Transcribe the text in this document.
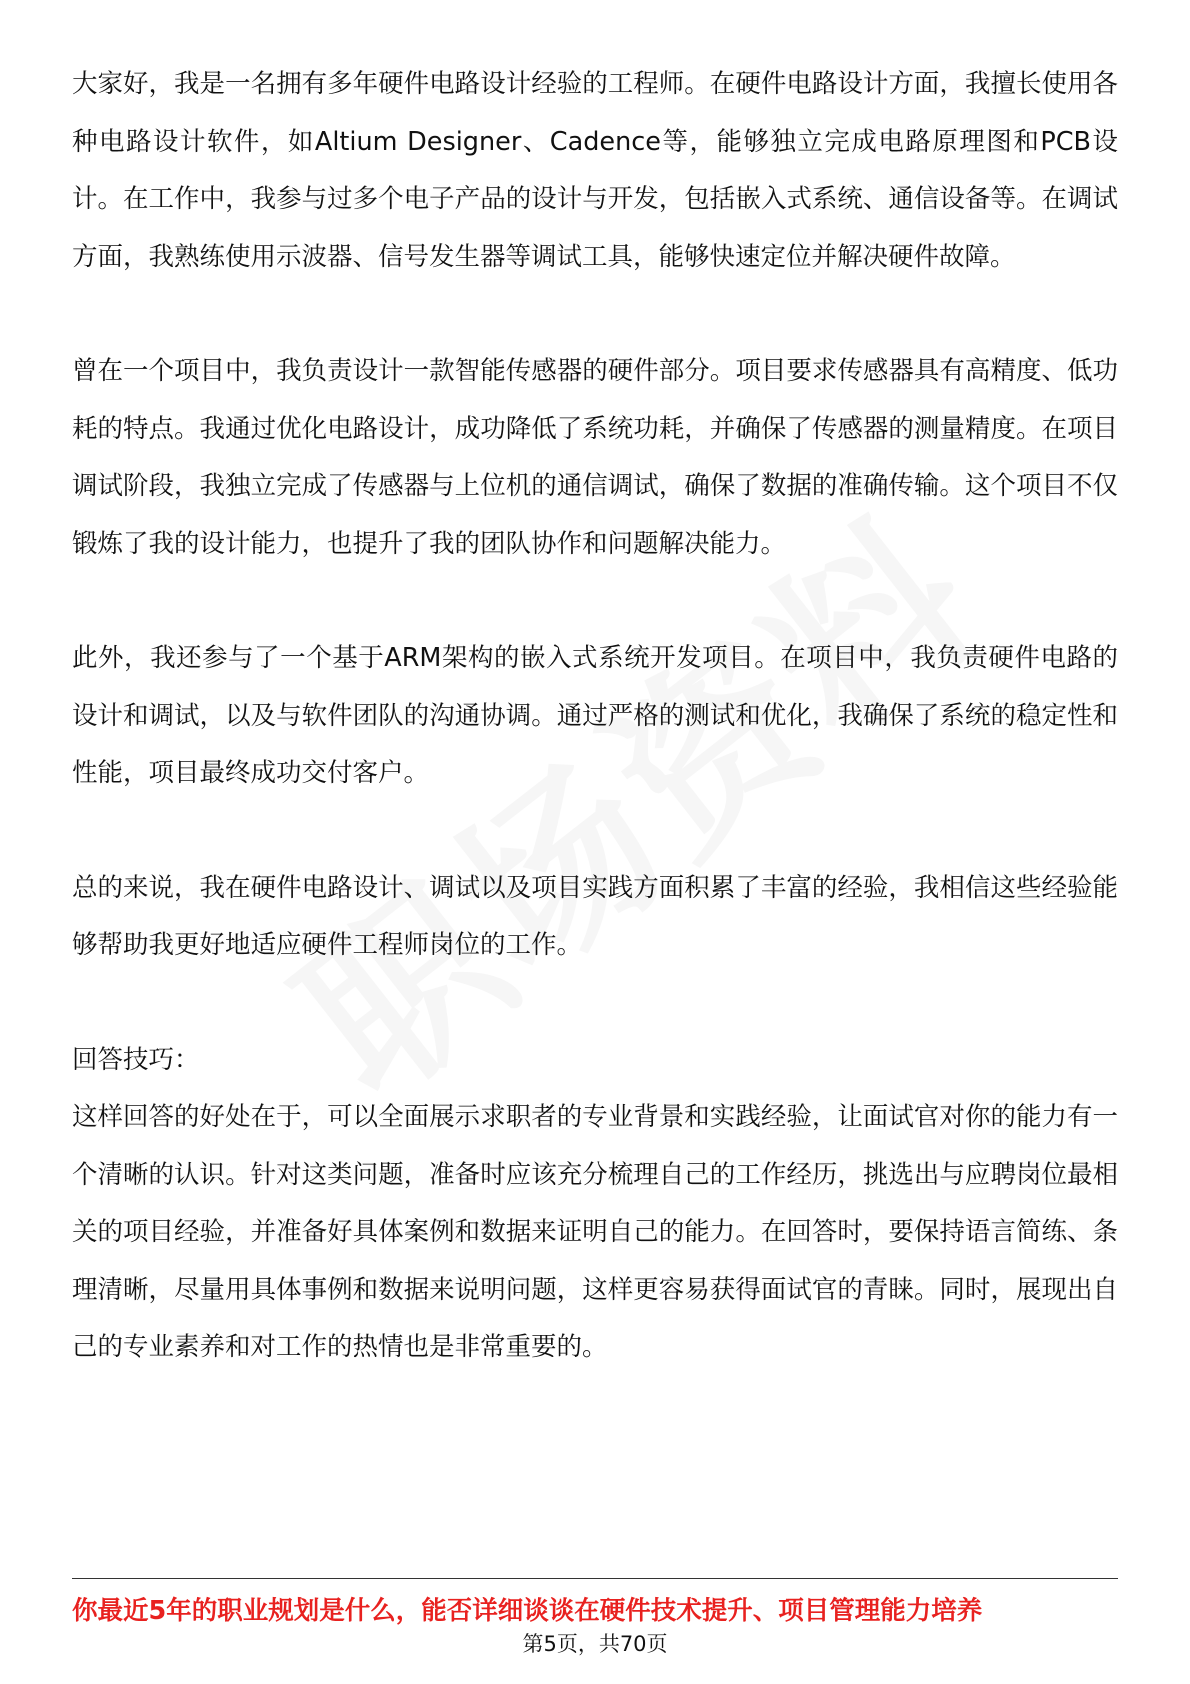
大家好，我是一名拥有多年硬件电路设计经验的工程师。在硬件电路设计方面，我擅长使用各种电路设计软件，如Altium Designer、Cadence等，能够独立完成电路原理图和PCB设计。在工作中，我参与过多个电子产品的设计与开发，包括嵌入式系统、通信设备等。在调试方面，我熟练使用示波器、信号发生器等调试工具，能够快速定位并解决硬件故障。

曾在一个项目中，我负责设计一款智能传感器的硬件部分。项目要求传感器具有高精度、低功耗的特点。我通过优化电路设计，成功降低了系统功耗，并确保了传感器的测量精度。在项目调试阶段，我独立完成了传感器与上位机的通信调试，确保了数据的准确传输。这个项目不仅锻炼了我的设计能力，也提升了我的团队协作和问题解决能力。

此外，我还参与了一个基于ARM架构的嵌入式系统开发项目。在项目中，我负责硬件电路的设计和调试，以及与软件团队的沟通协调。通过严格的测试和优化，我确保了系统的稳定性和性能，项目最终成功交付客户。

总的来说，我在硬件电路设计、调试以及项目实践方面积累了丰富的经验，我相信这些经验能够帮助我更好地适应硬件工程师岗位的工作。

回答技巧：

这样回答的好处在于，可以全面展示求职者的专业背景和实践经验，让面试官对你的能力有一个清晰的认识。针对这类问题，准备时应该充分梳理自己的工作经历，挑选出与应聘岗位最相关的项目经验，并准备好具体案例和数据来证明自己的能力。在回答时，要保持语言简练、条理清晰，尽量用具体事例和数据来说明问题，这样更容易获得面试官的青睐。同时，展现出自己的专业素养和对工作的热情也是非常重要的。

你最近5年的职业规划是什么，能否详细谈谈在硬件技术提升、项目管理能力培养
第5页，共70页
